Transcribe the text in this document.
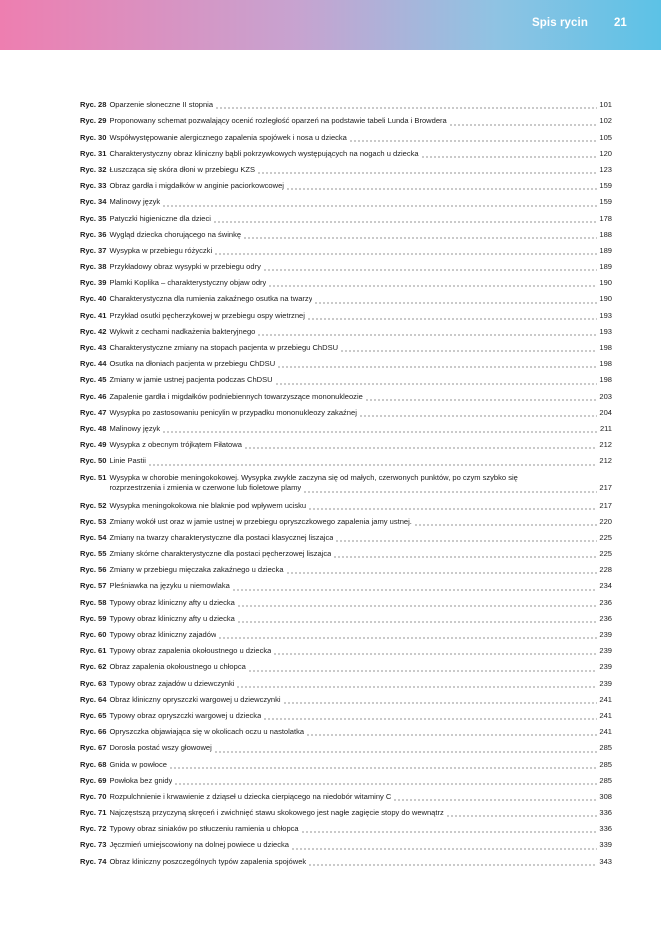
Spis rycin 21
Ryc. 28 Oparzenie słoneczne II stopnia	101
Ryc. 29 Proponowany schemat pozwalający ocenić rozległość oparzeń na podstawie tabeli Lunda i Browdera	102
Ryc. 30 Współwystępowanie alergicznego zapalenia spojówek i nosa u dziecka	105
Ryc. 31 Charakterystyczny obraz kliniczny bąbli pokrzywkowych występujących na nogach u dziecka	120
Ryc. 32 Łuszcząca się skóra dłoni w przebiegu KZS	123
Ryc. 33 Obraz gardła i migdałków w anginie paciorkowcowej	159
Ryc. 34 Malinowy język	159
Ryc. 35 Patyczki higieniczne dla dzieci	178
Ryc. 36 Wygląd dziecka chorującego na świnkę	188
Ryc. 37 Wysypka w przebiegu różyczki	189
Ryc. 38 Przykładowy obraz wysypki w przebiegu odry	189
Ryc. 39 Plamki Koplika – charakterystyczny objaw odry	190
Ryc. 40 Charakterystyczna dla rumienia zakaźnego osutka na twarzy	190
Ryc. 41 Przykład osutki pęcherzykowej w przebiegu ospy wietrznej	193
Ryc. 42 Wykwit z cechami nadkażenia bakteryjnego	193
Ryc. 43 Charakterystyczne zmiany na stopach pacjenta w przebiegu ChDSU	198
Ryc. 44 Osutka na dłoniach pacjenta w przebiegu ChDSU	198
Ryc. 45 Zmiany w jamie ustnej pacjenta podczas ChDSU	198
Ryc. 46 Zapalenie gardła i migdałków podniebiennych towarzyszące mononukleozie	203
Ryc. 47 Wysypka po zastosowaniu penicylin w przypadku mononukleozy zakaźnej	204
Ryc. 48 Malinowy język	211
Ryc. 49 Wysypka z obecnym trójkątem Fiłatowa	212
Ryc. 50 Linie Pastii	212
Ryc. 51 Wysypka w chorobie meningokokowej. Wysypka zwykle zaczyna się od małych, czerwonych punktów, po czym szybko się
rozprzestrzenia i zmienia w czerwone lub fioletowe plamy	217
Ryc. 52 Wysypka meningokokowa nie blaknie pod wpływem ucisku	217
Ryc. 53 Zmiany wokół ust oraz w jamie ustnej w przebiegu opryszczkowego zapalenia jamy ustnej.	220
Ryc. 54 Zmiany na twarzy charakterystyczne dla postaci klasycznej liszajca	225
Ryc. 55 Zmiany skórne charakterystyczne dla postaci pęcherzowej liszajca	225
Ryc. 56 Zmiany w przebiegu mięczaka zakaźnego u dziecka	228
Ryc. 57 Pleśniawka na języku u niemowlaka	234
Ryc. 58 Typowy obraz kliniczny afty u dziecka	236
Ryc. 59 Typowy obraz kliniczny afty u dziecka	236
Ryc. 60 Typowy obraz kliniczny zajadów	239
Ryc. 61 Typowy obraz zapalenia okołoustnego u dziecka	239
Ryc. 62 Obraz zapalenia okołoustnego u chłopca	239
Ryc. 63 Typowy obraz zajadów u dziewczynki	239
Ryc. 64 Obraz kliniczny opryszczki wargowej u dziewczynki	241
Ryc. 65 Typowy obraz opryszczki wargowej u dziecka	241
Ryc. 66 Opryszczka objawiająca się w okolicach oczu u nastolatka	241
Ryc. 67 Dorosła postać wszy głowowej	285
Ryc. 68 Gnida w powłoce	285
Ryc. 69 Powłoka bez gnidy	285
Ryc. 70 Rozpulchnienie i krwawienie z dziąseł u dziecka cierpiącego na niedobór witaminy C	308
Ryc. 71 Najczęstszą przyczyną skręceń i zwichnięć stawu skokowego jest nagłe zagięcie stopy do wewnątrz	336
Ryc. 72 Typowy obraz siniaków po stłuczeniu ramienia u chłopca	336
Ryc. 73 Jęczmień umiejscowiony na dolnej powiece u dziecka	339
Ryc. 74 Obraz kliniczny poszczególnych typów zapalenia spojówek	343
